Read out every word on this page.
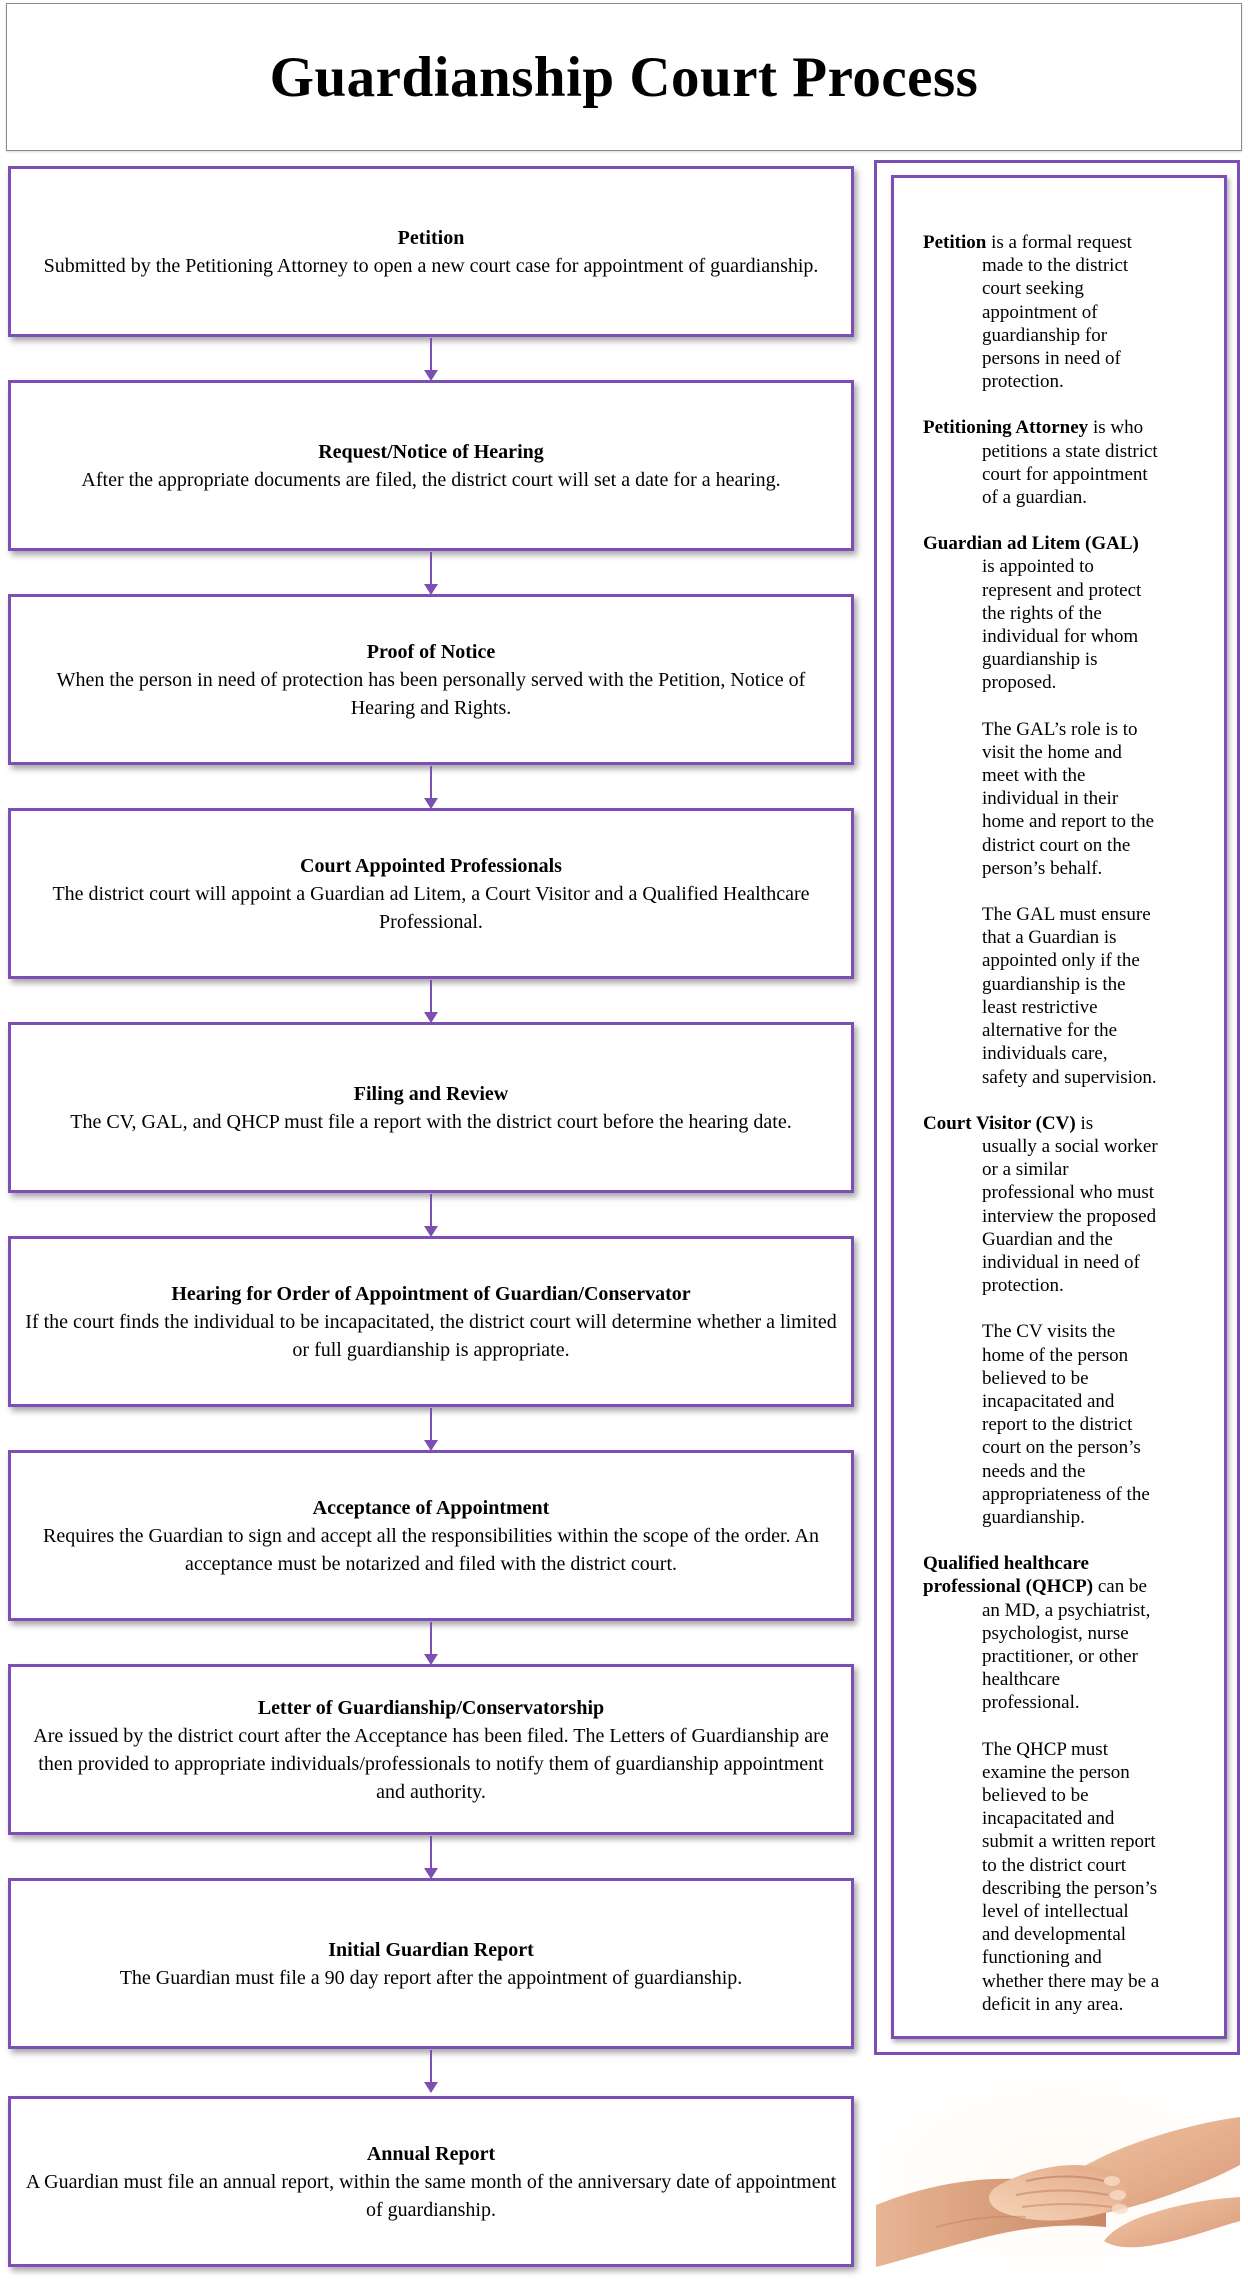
Guardianship Court Process
Petition
Submitted by the Petitioning Attorney to open a new court case for appointment of guardianship.
Request/Notice of Hearing
After the appropriate documents are filed, the district court will set a date for a hearing.
Proof of Notice
When the person in need of protection has been personally served with the Petition, Notice of Hearing and Rights.
Court Appointed Professionals
The district court will appoint a Guardian ad Litem, a Court Visitor and a Qualified Healthcare Professional.
Filing and Review
The CV, GAL, and QHCP must file a report with the district court before the hearing date.
Hearing for Order of Appointment of Guardian/Conservator
If the court finds the individual to be incapacitated, the district court will determine whether a limited or full guardianship is appropriate.
Acceptance of Appointment
Requires the Guardian to sign and accept all the responsibilities within the scope of the order. An acceptance must be notarized and filed with the district court.
Letter of Guardianship/Conservatorship
Are issued by the district court after the Acceptance has been filed. The Letters of Guardianship are then provided to appropriate individuals/professionals to notify them of guardianship appointment and authority.
Initial Guardian Report
The Guardian must file a 90 day report after the appointment of guardianship.
Annual Report
A Guardian must file an annual report, within the same month of the anniversary date of appointment of guardianship.
Petition is a formal request
made to the district
court seeking
appointment of
guardianship for
persons in need of
protection.
Petitioning Attorney is who
petitions a state district
court for appointment
of a guardian.
Guardian ad Litem (GAL)
is appointed to
represent and protect
the rights of the
individual for whom
guardianship is
proposed.
The GAL’s role is to
visit the home and
meet with the
individual in their
home and report to the
district court on the
person’s behalf.
The GAL must ensure
that a Guardian is
appointed only if the
guardianship is the
least restrictive
alternative for the
individuals care,
safety and supervision.
Court Visitor (CV) is
usually a social worker
or a similar
professional who must
interview the proposed
Guardian and the
individual in need of
protection.
The CV visits the
home of the person
believed to be
incapacitated and
report to the district
court on the person’s
needs and the
appropriateness of the
guardianship.
Qualified healthcare
professional (QHCP) can be
an MD, a psychiatrist,
psychologist, nurse
practitioner, or other
healthcare
professional.
The QHCP must
examine the person
believed to be
incapacitated and
submit a written report
to the district court
describing the person’s
level of intellectual
and developmental
functioning and
whether there may be a
deficit in any area.
